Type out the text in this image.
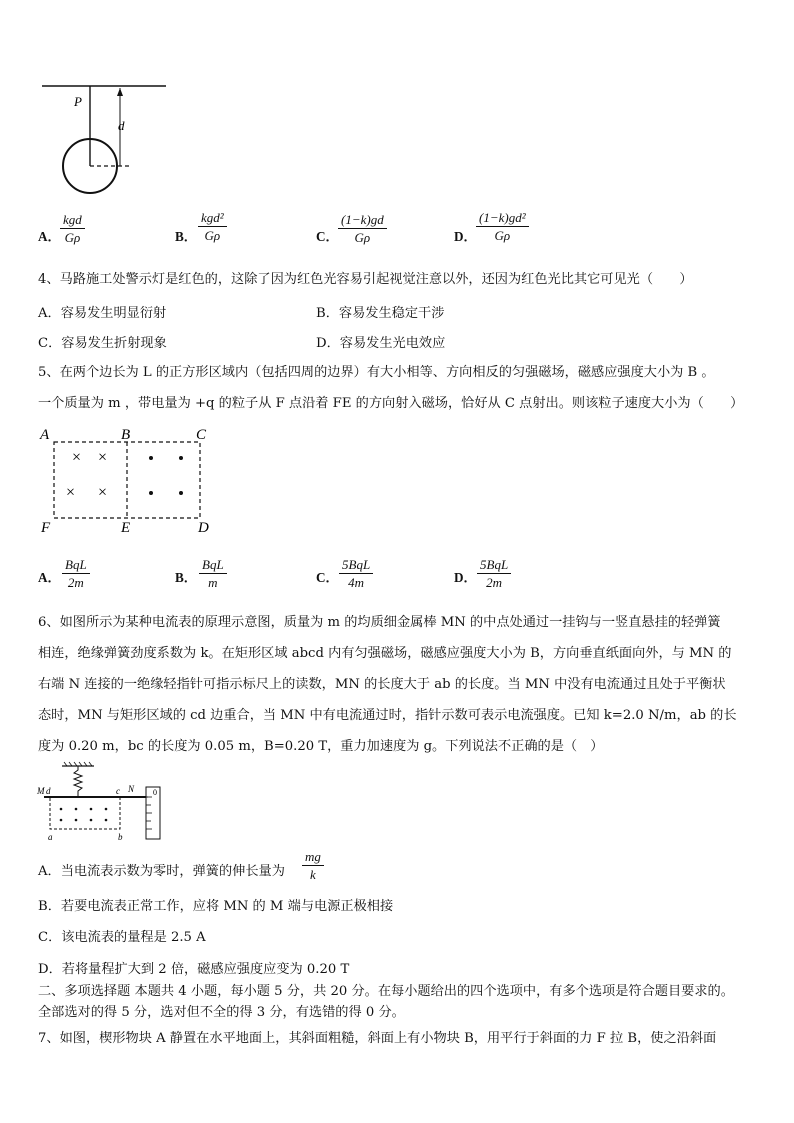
P
d
A．
kgd
Gρ	B．
kgd²
Gρ	C． $\frac{(1-k)gd}{G\rho}$	D． $\frac{\text{(1−k)gd²}}{G\rho}$
4、马路施工处警示灯是红色的，这除了因为红色光容易引起视觉注意以外，还因为红色光比其它可见光（　　）
A．容易发生明显衍射	B．容易发生稳定干涉
C．容易发生折射现象	D．容易发生光电效应
5、在两个边长为 L 的正方形区域内（包括四周的边界）有大小相等、方向相反的匀强磁场，磁感应强度大小为 B 。
一个质量为 m ，带电量为 +q 的粒子从 F 点沿着 FE 的方向射入磁场，恰好从 C 点射出。则该粒子速度大小为（　　）
× ×
× ×
A	B	C
F	E	D
A．
BqL
2m	B．
BqL
m	C．
5BqL
4m	D．
5BqL
2m
6、如图所示为某种电流表的原理示意图，质量为 m 的均质细金属棒 MN 的中点处通过一挂钩与一竖直悬挂的轻弹簧
相连，绝缘弹簧劲度系数为 k。在矩形区域 abcd 内有匀强磁场，磁感应强度大小为 B，方向垂直纸面向外，与 MN 的
右端 N 连接的一绝缘轻指针可指示标尺上的读数，MN 的长度大于 ab 的长度。当 MN 中没有电流通过且处于平衡状
态时，MN 与矩形区域的 cd 边重合，当 MN 中有电流通过时，指针示数可表示电流强度。已知 k=2.0 N/m，ab 的长
度为 0.20 m，bc 的长度为 0.05 m，B=0.20 T，重力加速度为 g。下列说法不正确的是（　）
0
M d	c N
a	b
A．当电流表示数为零时，弹簧的伸长量为 $\frac{mg}{k}$
B．若要电流表正常工作，应将 MN 的 M 端与电源正极相接
C．该电流表的量程是 2.5 A
D．若将量程扩大到 2 倍，磁感应强度应变为 0.20 T
二、多项选择题 本题共 4 小题，每小题 5 分，共 20 分。在每小题给出的四个选项中，有多个选项是符合题目要求的。
全部选对的得 5 分，选对但不全的得 3 分，有选错的得 0 分。
7、如图，楔形物块 A 静置在水平地面上，其斜面粗糙，斜面上有小物块 B，用平行于斜面的力 F 拉 B，使之沿斜面
